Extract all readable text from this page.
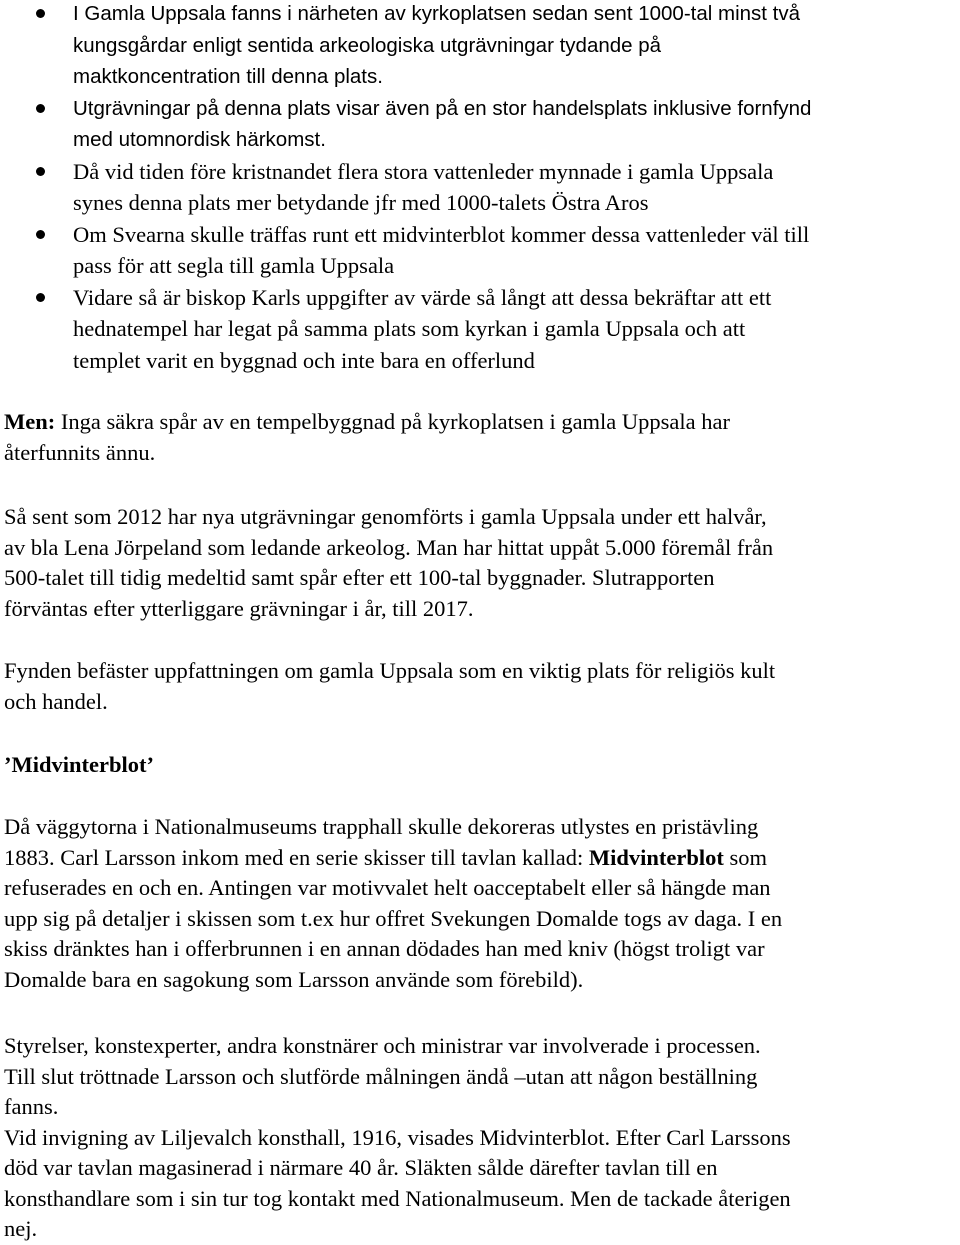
I Gamla Uppsala fanns i närheten av kyrkoplatsen sedan sent 1000-tal minst två
kungsgårdar enligt sentida arkeologiska utgrävningar tydande på
maktkoncentration till denna plats.
Utgrävningar på denna plats visar även på en stor handelsplats inklusive fornfynd
med utomnordisk härkomst.
Då vid tiden före kristnandet flera stora vattenleder mynnade i gamla Uppsala
synes denna plats mer betydande jfr med 1000-talets Östra Aros
Om Svearna skulle träffas runt ett midvinterblot kommer dessa vattenleder väl till
pass för att segla till gamla Uppsala
Vidare så är biskop Karls uppgifter av värde så långt att dessa bekräftar att ett
hednatempel har legat på samma plats som kyrkan i gamla Uppsala och att
templet varit en byggnad och inte bara en offerlund

Men: Inga säkra spår av en tempelbyggnad på kyrkoplatsen i gamla Uppsala har
återfunnits ännu.

Så sent som 2012 har nya utgrävningar genomförts i gamla Uppsala under ett halvår,
av bla Lena Jörpeland som ledande arkeolog. Man har hittat uppåt 5.000 föremål från
500-talet till tidig medeltid samt spår efter ett 100-tal byggnader. Slutrapporten
förväntas efter ytterliggare grävningar i år, till 2017.

Fynden befäster uppfattningen om gamla Uppsala som en viktig plats för religiös kult
och handel.

’Midvinterblot’

Då väggytorna i Nationalmuseums trapphall skulle dekoreras utlystes en pristävling
1883. Carl Larsson inkom med en serie skisser till tavlan kallad: Midvinterblot som
refuserades en och en. Antingen var motivvalet helt oacceptabelt eller så hängde man
upp sig på detaljer i skissen som t.ex hur offret Svekungen Domalde togs av daga. I en
skiss dränktes han i offerbrunnen i en annan dödades han med kniv (högst troligt var
Domalde bara en sagokung som Larsson använde som förebild).

Styrelser, konstexperter, andra konstnärer och ministrar var involverade i processen.
Till slut tröttnade Larsson och slutförde målningen ändå –utan att någon beställning
fanns.
Vid invigning av Liljevalch konsthall, 1916, visades Midvinterblot. Efter Carl Larssons
död var tavlan magasinerad i närmare 40 år. Släkten sålde därefter tavlan till en
konsthandlare som i sin tur tog kontakt med Nationalmuseum. Men de tackade återigen
nej.
